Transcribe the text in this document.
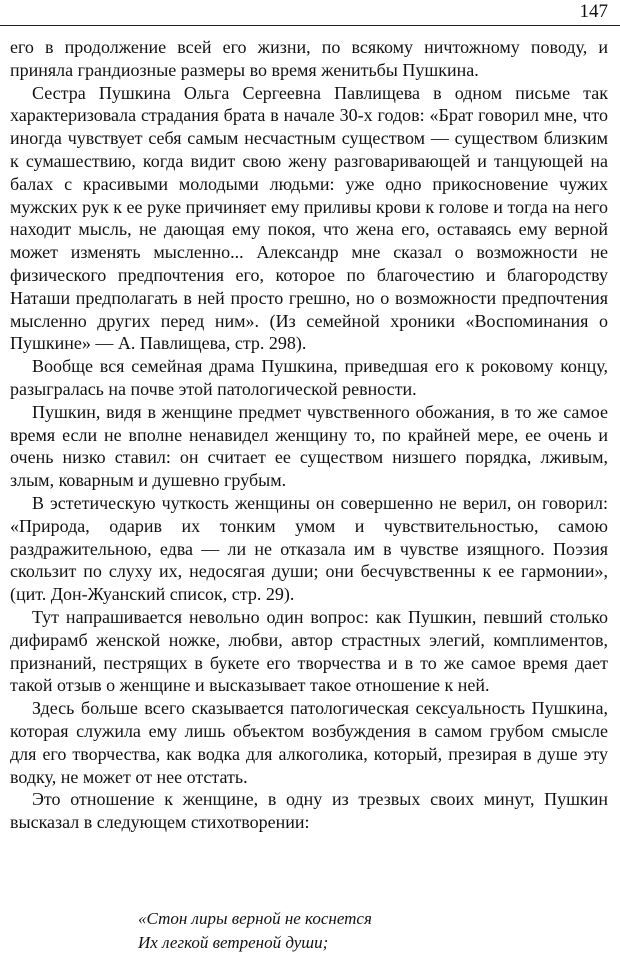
147

его в продолжение всей его жизни, по всякому ничтожному поводу, и приняла грандиозные размеры во время женитьбы Пушкина.

Сестра Пушкина Ольга Сергеевна Павлищева в одном письме так характеризовала страдания брата в начале 30-х годов: «Брат говорил мне, что иногда чувствует себя самым несчастным существом — существом близким к сумашествию, когда видит свою жену разговаривающей и танцующей на балах с красивыми молодыми людьми: уже одно прикосновение чужих мужских рук к ее руке причиняет ему приливы крови к голове и тогда на него находит мысль, не дающая ему покоя, что жена его, оставаясь ему верной может изменять мысленно... Александр мне сказал о возможности не физического предпочтения его, которое по благочестию и благородству Наташи предполагать в ней просто грешно, но о возможности предпочтения мысленно других перед ним». (Из семейной хроники «Воспоминания о Пушкине» — А. Павлищева, стр. 298).

Вообще вся семейная драма Пушкина, приведшая его к роковому концу, разыгралась на почве этой патологической ревности.

Пушкин, видя в женщине предмет чувственного обожания, в то же самое время если не вполне ненавидел женщину то, по крайней мере, ее очень и очень низко ставил: он считает ее существом низшего порядка, лживым, злым, коварным и душевно грубым.

В эстетическую чуткость женщины он совершенно не верил, он говорил: «Природа, одарив их тонким умом и чувствительностью, самою раздражительною, едва — ли не отказала им в чувстве изящного. Поэзия скользит по слуху их, недосягая души; они бесчувственны к ее гармонии», (цит. Дон-Жуанский список, стр. 29).

Тут напрашивается невольно один вопрос: как Пушкин, певший столько дифирамб женской ножке, любви, автор страстных элегий, комплиментов, признаний, пестрящих в букете его творчества и в то же самое время дает такой отзыв о женщине и высказывает такое отношение к ней.

Здесь больше всего сказывается патологическая сексуальность Пушкина, которая служила ему лишь объектом возбуждения в самом грубом смысле для его творчества, как водка для алкоголика, который, презирая в душе эту водку, не может от нее отстать.

Это отношение к женщине, в одну из трезвых своих минут, Пушкин высказал в следующем стихотворении:

«Стон лиры верной не коснется
Их легкой ветреной души;
